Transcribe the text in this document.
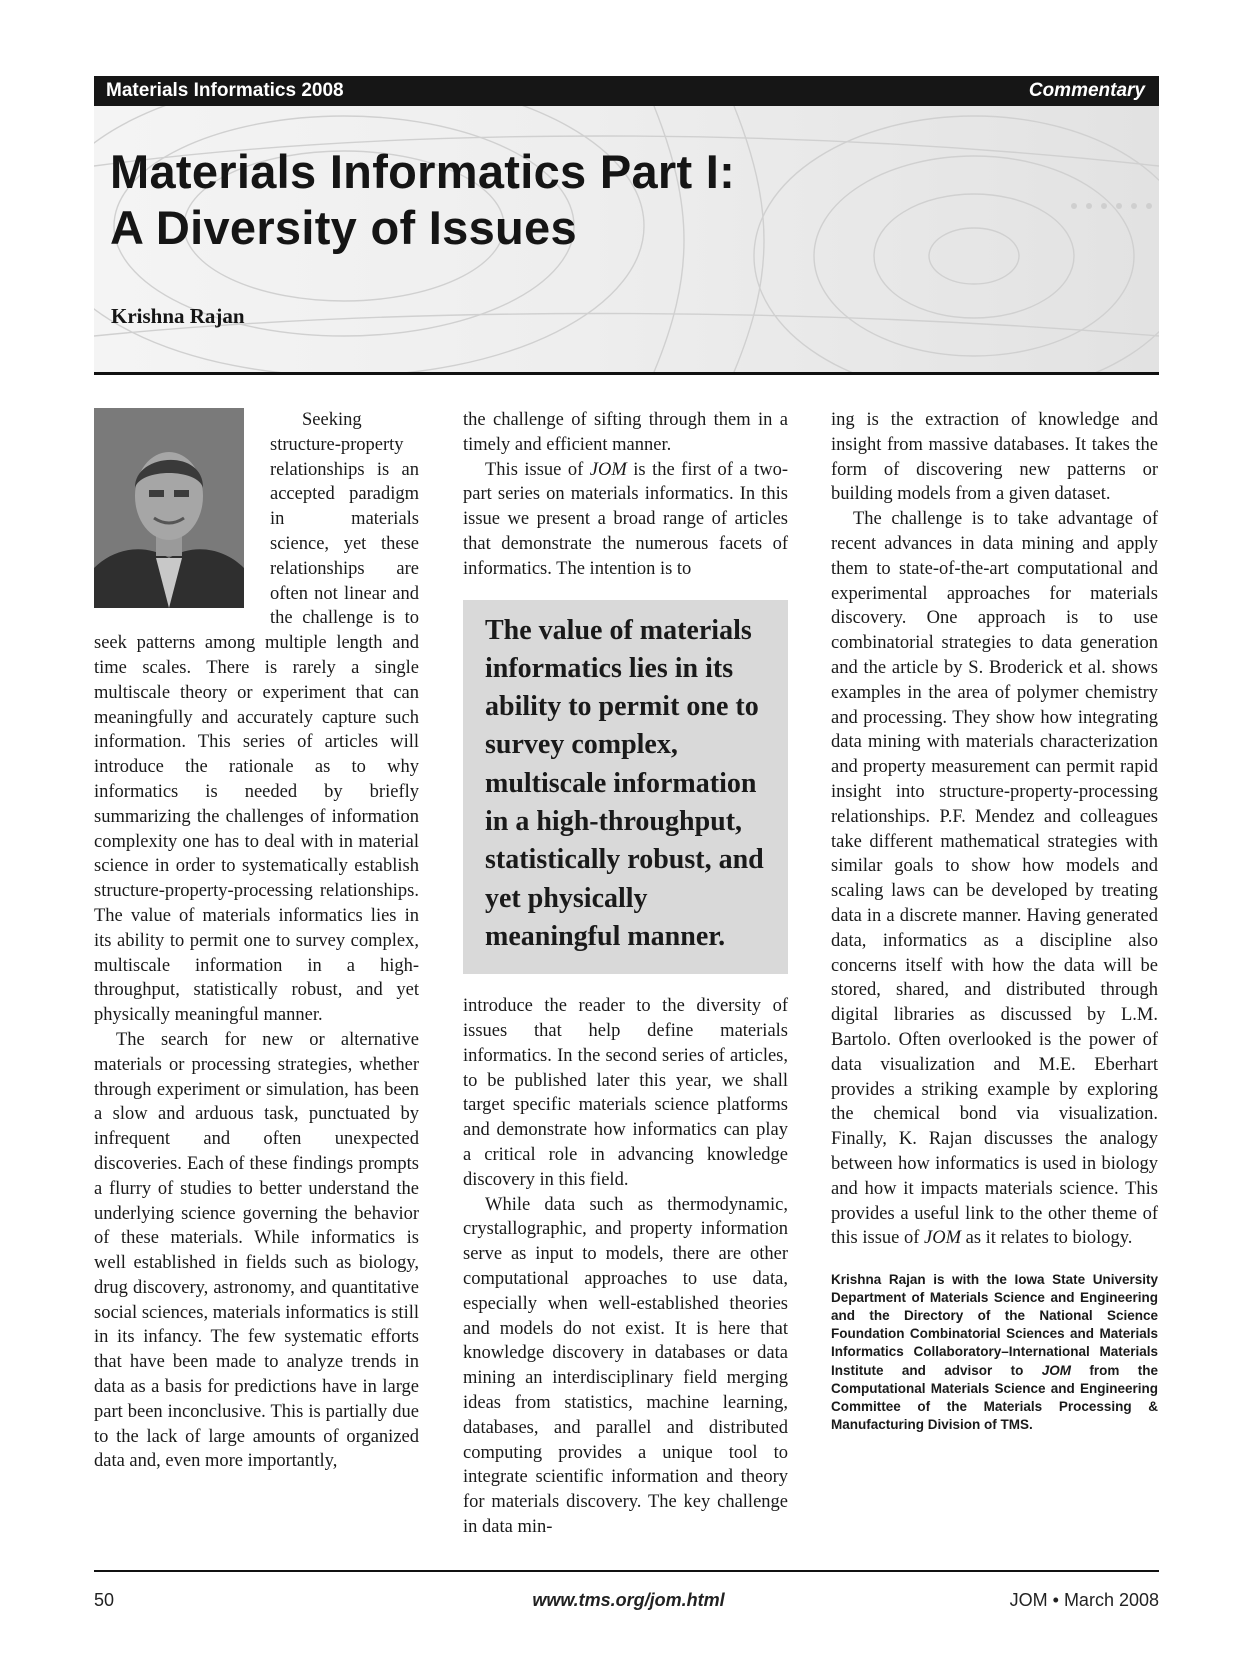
Materials Informatics 2008	Commentary
Materials Informatics Part I:
A Diversity of Issues
Krishna Rajan

Seeking structure-property relationships is an accepted paradigm in materials science, yet these relationships are often not linear and the challenge is to seek patterns among multiple length and time scales. There is rarely a single multiscale theory or experiment that can meaningfully and accurately capture such information. This series of articles will introduce the rationale as to why informatics is needed by briefly summarizing the challenges of information complexity one has to deal with in material science in order to systematically establish structure-property-processing relationships. The value of materials informatics lies in its ability to permit one to survey complex, multiscale information in a high-throughput, statistically robust, and yet physically meaningful manner.

The search for new or alternative materials or processing strategies, whether through experiment or simulation, has been a slow and arduous task, punctuated by infrequent and often unexpected discoveries. Each of these findings prompts a flurry of studies to better understand the underlying science governing the behavior of these materials. While informatics is well established in fields such as biology, drug discovery, astronomy, and quantitative social sciences, materials informatics is still in its infancy. The few systematic efforts that have been made to analyze trends in data as a basis for predictions have in large part been inconclusive. This is partially due to the lack of large amounts of organized data and, even more importantly,

the challenge of sifting through them in a timely and efficient manner.

This issue of JOM is the first of a two-part series on materials informatics. In this issue we present a broad range of articles that demonstrate the numerous facets of informatics. The intention is to

The value of materials informatics lies in its ability to permit one to survey complex, multiscale information in a high-throughput, statistically robust, and yet physically meaningful manner.

introduce the reader to the diversity of issues that help define materials informatics. In the second series of articles, to be published later this year, we shall target specific materials science platforms and demonstrate how informatics can play a critical role in advancing knowledge discovery in this field.

While data such as thermodynamic, crystallographic, and property information serve as input to models, there are other computational approaches to use data, especially when well-established theories and models do not exist. It is here that knowledge discovery in databases or data mining an interdisciplinary field merging ideas from statistics, machine learning, databases, and parallel and distributed computing provides a unique tool to integrate scientific information and theory for materials discovery. The key challenge in data min-

ing is the extraction of knowledge and insight from massive databases. It takes the form of discovering new patterns or building models from a given dataset.

The challenge is to take advantage of recent advances in data mining and apply them to state-of-the-art computational and experimental approaches for materials discovery. One approach is to use combinatorial strategies to data generation and the article by S. Broderick et al. shows examples in the area of polymer chemistry and processing. They show how integrating data mining with materials characterization and property measurement can permit rapid insight into structure-property-processing relationships. P.F. Mendez and colleagues take different mathematical strategies with similar goals to show how models and scaling laws can be developed by treating data in a discrete manner. Having generated data, informatics as a discipline also concerns itself with how the data will be stored, shared, and distributed through digital libraries as discussed by L.M. Bartolo. Often overlooked is the power of data visualization and M.E. Eberhart provides a striking example by exploring the chemical bond via visualization. Finally, K. Rajan discusses the analogy between how informatics is used in biology and how it impacts materials science. This provides a useful link to the other theme of this issue of JOM as it relates to biology.

Krishna Rajan is with the Iowa State University Department of Materials Science and Engineering and the Directory of the National Science Foundation Combinatorial Sciences and Materials Informatics Collaboratory–International Materials Institute and advisor to JOM from the Computational Materials Science and Engineering Committee of the Materials Processing & Manufacturing Division of TMS.

50	www.tms.org/jom.html	JOM • March 2008
